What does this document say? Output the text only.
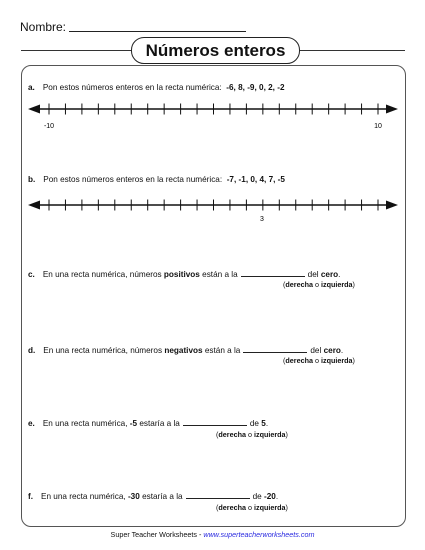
Nombre:
Números enteros
a. Pon estos números enteros en la recta numérica: -6, 8, -9, 0, 2, -2
-10	10
b. Pon estos números enteros en la recta numérica: -7, -1, 0, 4, 7, -5
3
c. En una recta numérica, números positivos están a la	del cero.
(derecha o izquierda)
d. En una recta numérica, números negativos están a la	del cero.
(derecha o izquierda)
e. En una recta numérica, -5 estaría a la	de 5.
(derecha o izquierda)
f. En una recta numérica, -30 estaría a la	de -20.
(derecha o izquierda)
Super Teacher Worksheets - www.superteacherworksheets.com
